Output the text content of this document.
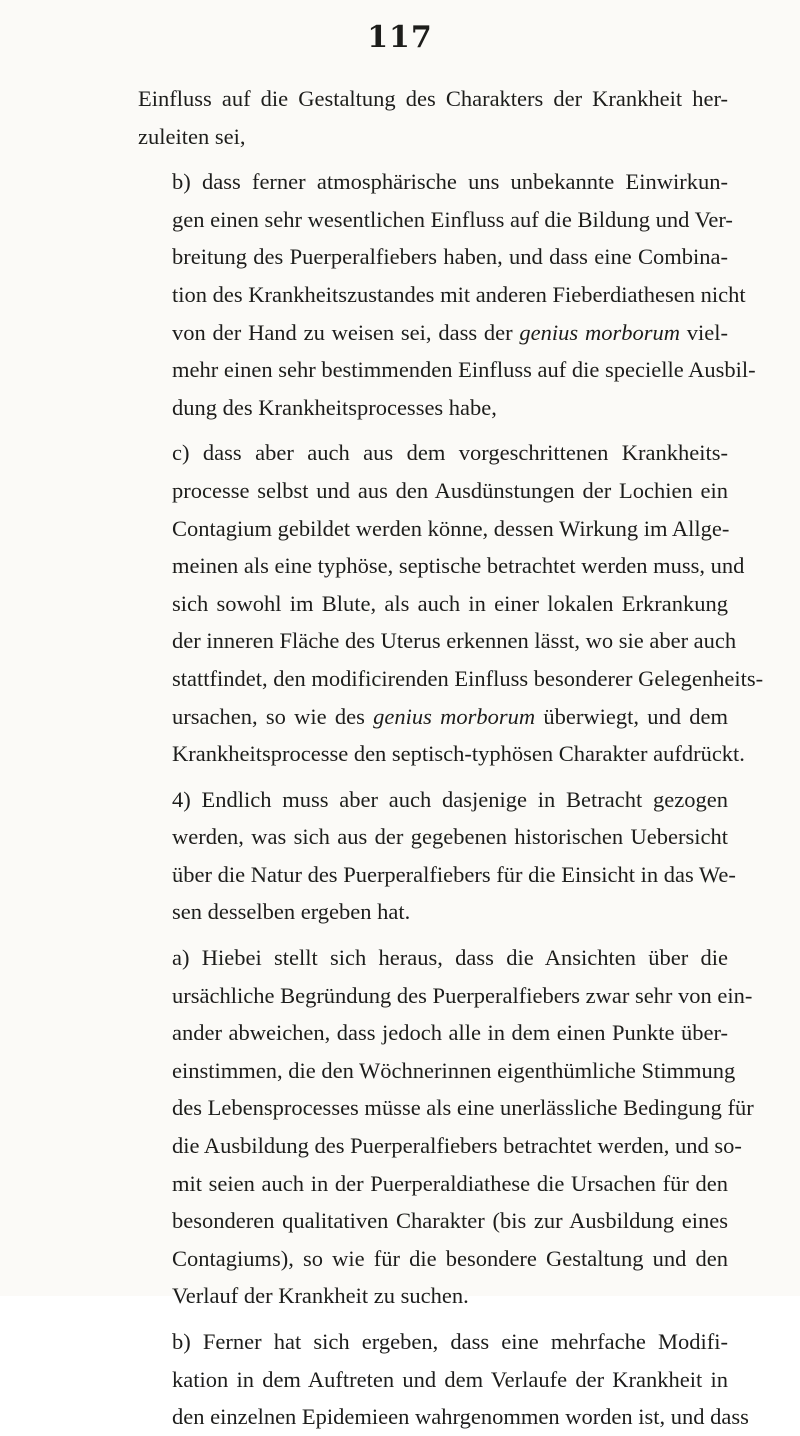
117

Einfluss auf die Gestaltung des Charakters der Krankheit her-
zuleiten sei,

b) dass ferner atmosphärische uns unbekannte Einwirkun-
gen einen sehr wesentlichen Einfluss auf die Bildung und Ver-
breitung des Puerperalfiebers haben, und dass eine Combina-
tion des Krankheitszustandes mit anderen Fieberdiathesen nicht
von der Hand zu weisen sei, dass der genius morborum viel-
mehr einen sehr bestimmenden Einfluss auf die specielle Ausbil-
dung des Krankheitsprocesses habe,

c) dass aber auch aus dem vorgeschrittenen Krankheits-
processe selbst und aus den Ausdünstungen der Lochien ein
Contagium gebildet werden könne, dessen Wirkung im Allge-
meinen als eine typhöse, septische betrachtet werden muss, und
sich sowohl im Blute, als auch in einer lokalen Erkrankung
der inneren Fläche des Uterus erkennen lässt, wo sie aber auch
stattfindet, den modificirenden Einfluss besonderer Gelegenheits-
ursachen, so wie des genius morborum überwiegt, und dem
Krankheitsprocesse den septisch-typhösen Charakter aufdrückt.

4) Endlich muss aber auch dasjenige in Betracht gezogen
werden, was sich aus der gegebenen historischen Uebersicht
über die Natur des Puerperalfiebers für die Einsicht in das We-
sen desselben ergeben hat.

a) Hiebei stellt sich heraus, dass die Ansichten über die
ursächliche Begründung des Puerperalfiebers zwar sehr von ein-
ander abweichen, dass jedoch alle in dem einen Punkte über-
einstimmen, die den Wöchnerinnen eigenthümliche Stimmung
des Lebensprocesses müsse als eine unerlässliche Bedingung für
die Ausbildung des Puerperalfiebers betrachtet werden, und so-
mit seien auch in der Puerperaldiathese die Ursachen für den
besonderen qualitativen Charakter (bis zur Ausbildung eines
Contagiums), so wie für die besondere Gestaltung und den
Verlauf der Krankheit zu suchen.

b) Ferner hat sich ergeben, dass eine mehrfache Modifi-
kation in dem Auftreten und dem Verlaufe der Krankheit in
den einzelnen Epidemieen wahrgenommen worden ist, und dass
